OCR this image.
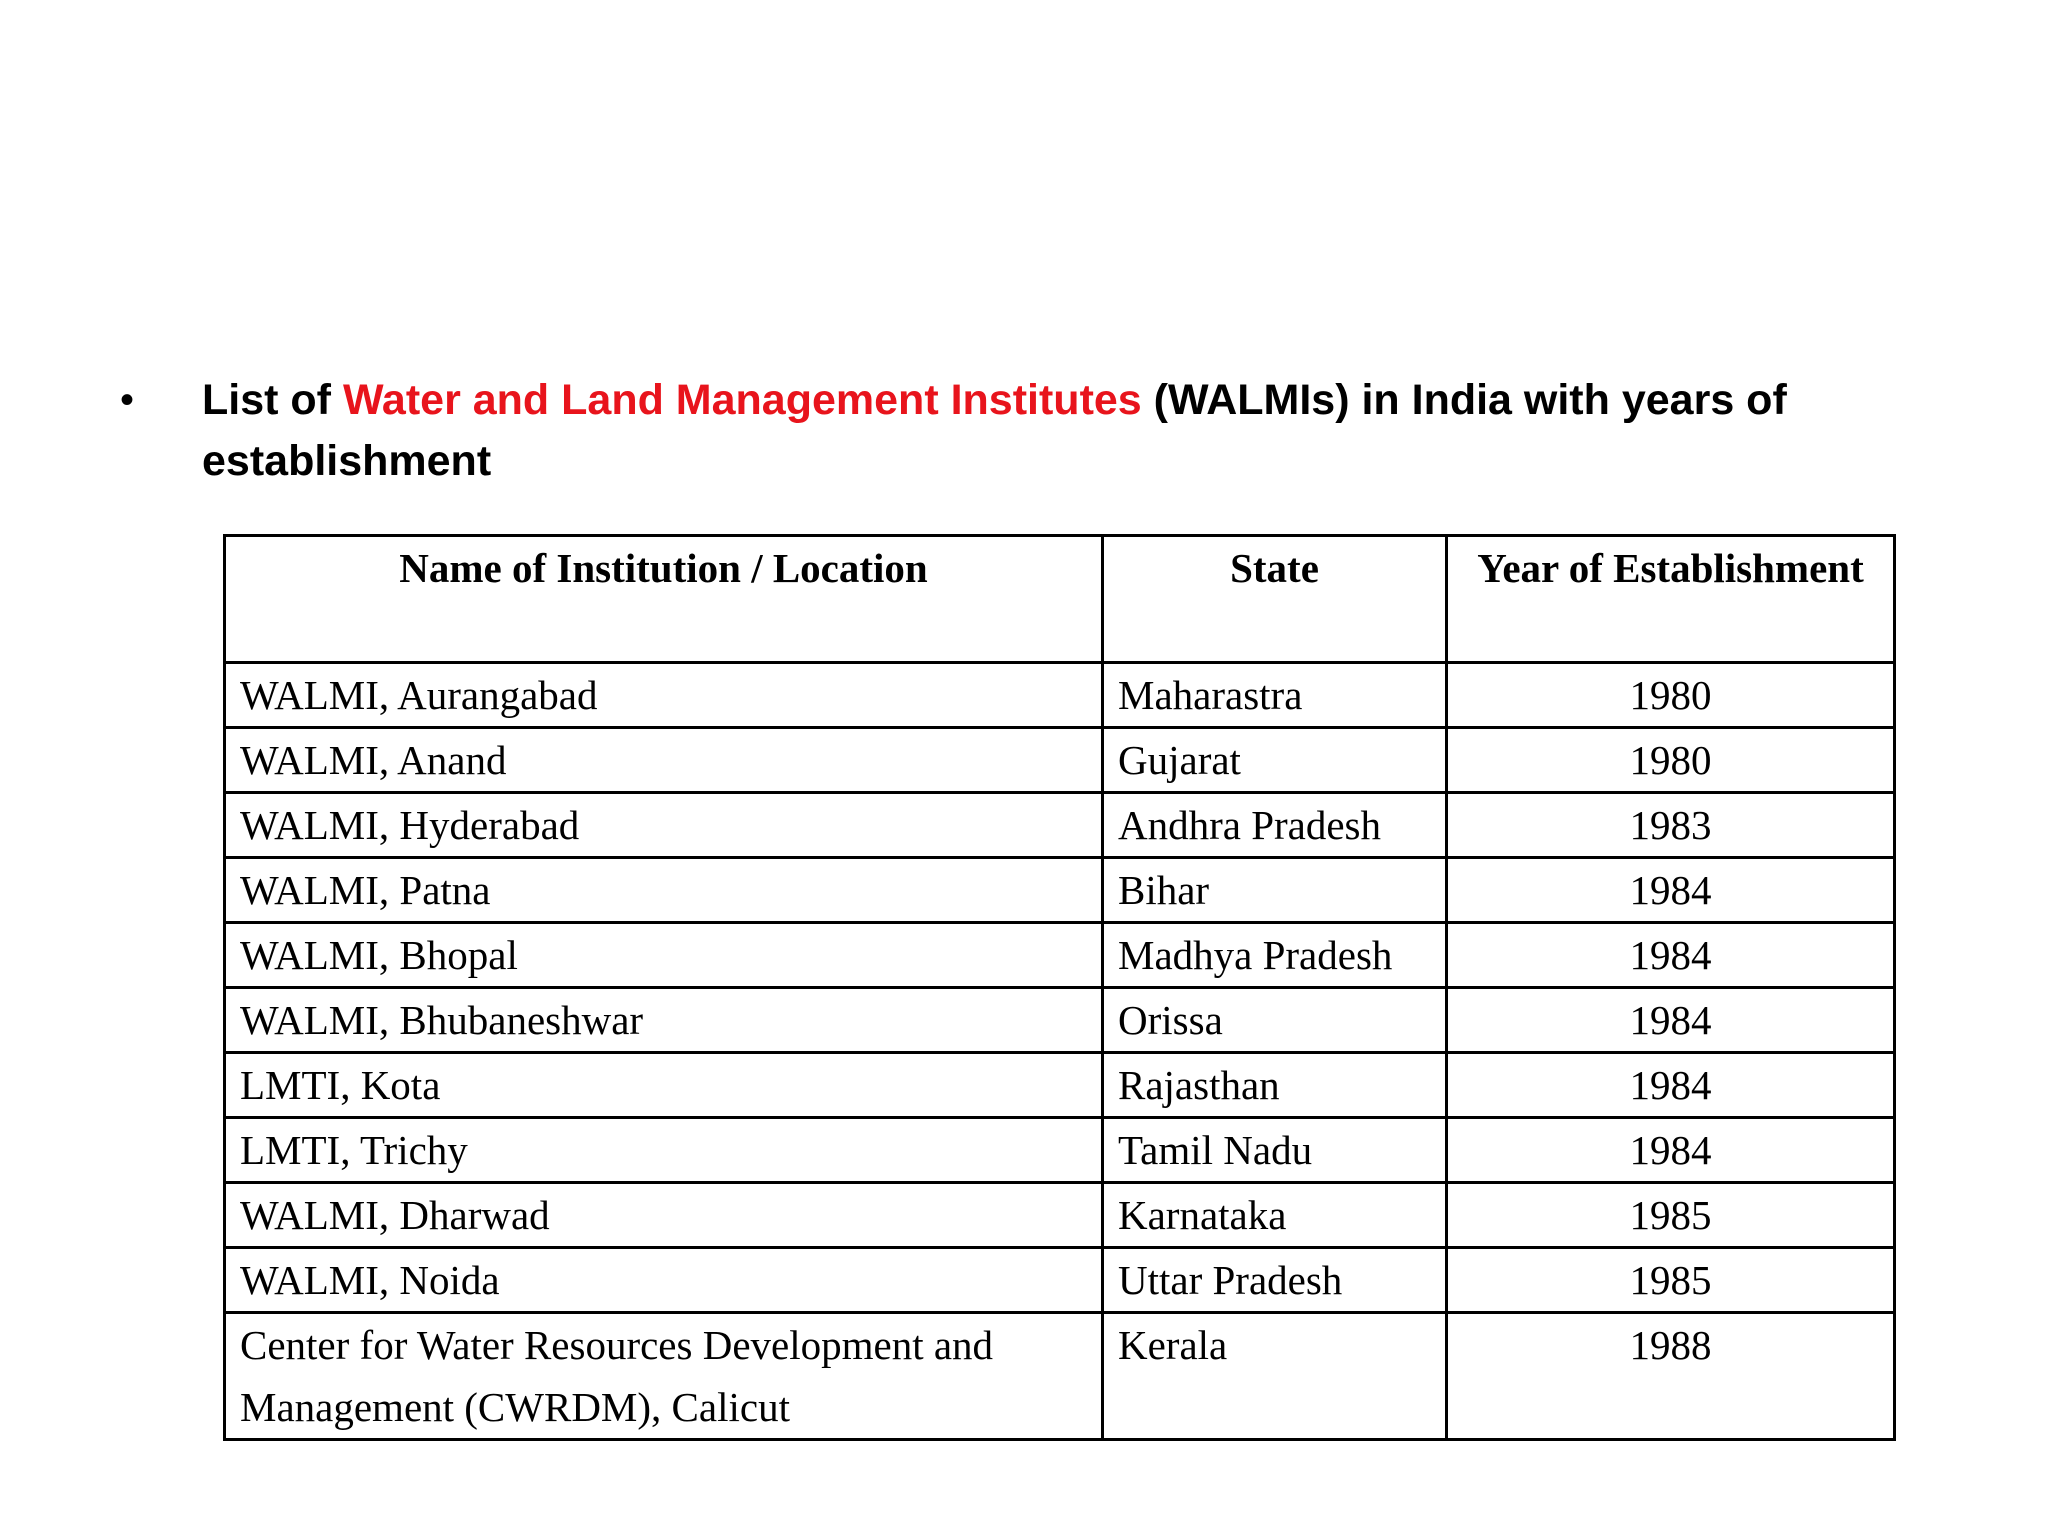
•	List of Water and Land Management Institutes (WALMIs) in India with years of establishment
Name of Institution / Location	State	Year of Establishment
WALMI, Aurangabad	Maharastra	1980
WALMI, Anand	Gujarat	1980
WALMI, Hyderabad	Andhra Pradesh	1983
WALMI, Patna	Bihar	1984
WALMI, Bhopal	Madhya Pradesh	1984
WALMI, Bhubaneshwar	Orissa	1984
LMTI, Kota	Rajasthan	1984
LMTI, Trichy	Tamil Nadu	1984
WALMI, Dharwad	Karnataka	1985
WALMI, Noida	Uttar Pradesh	1985
Center for Water Resources Development and Management (CWRDM), Calicut	Kerala	1988
